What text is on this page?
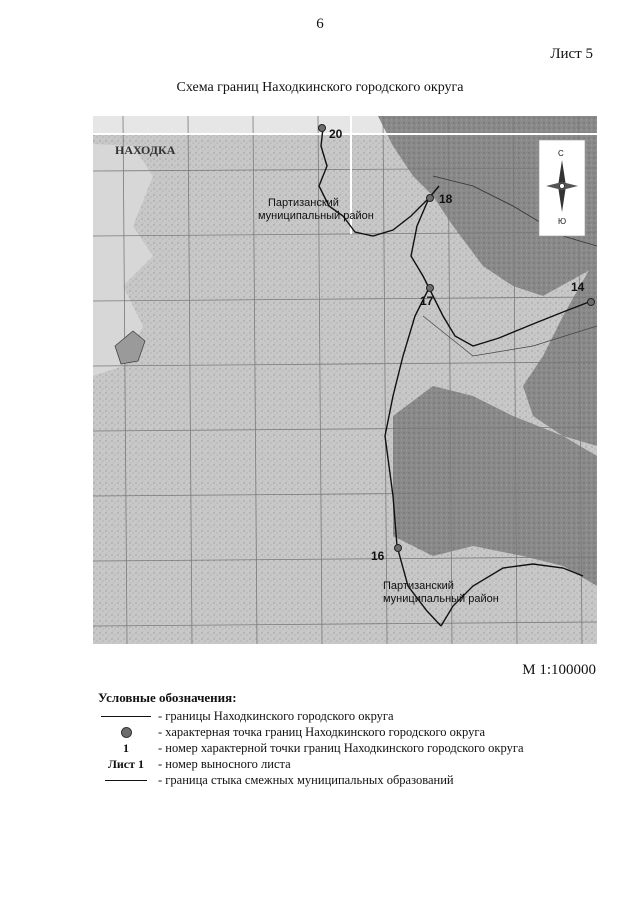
6
Лист 5
Схема границ Находкинского городского округа
20
18
17
14
16
НАХОДКА
Партизанский
муниципальный район
Партизанский
муниципальный район
С
Ю
М 1:100000
Условные обозначения:
- границы Находкинского городского округа
- характерная точка границ Находкинского городского округа
1	- номер характерной точки границ Находкинского городского округа
Лист 1	- номер выносного листа
- граница стыка смежных муниципальных образований
